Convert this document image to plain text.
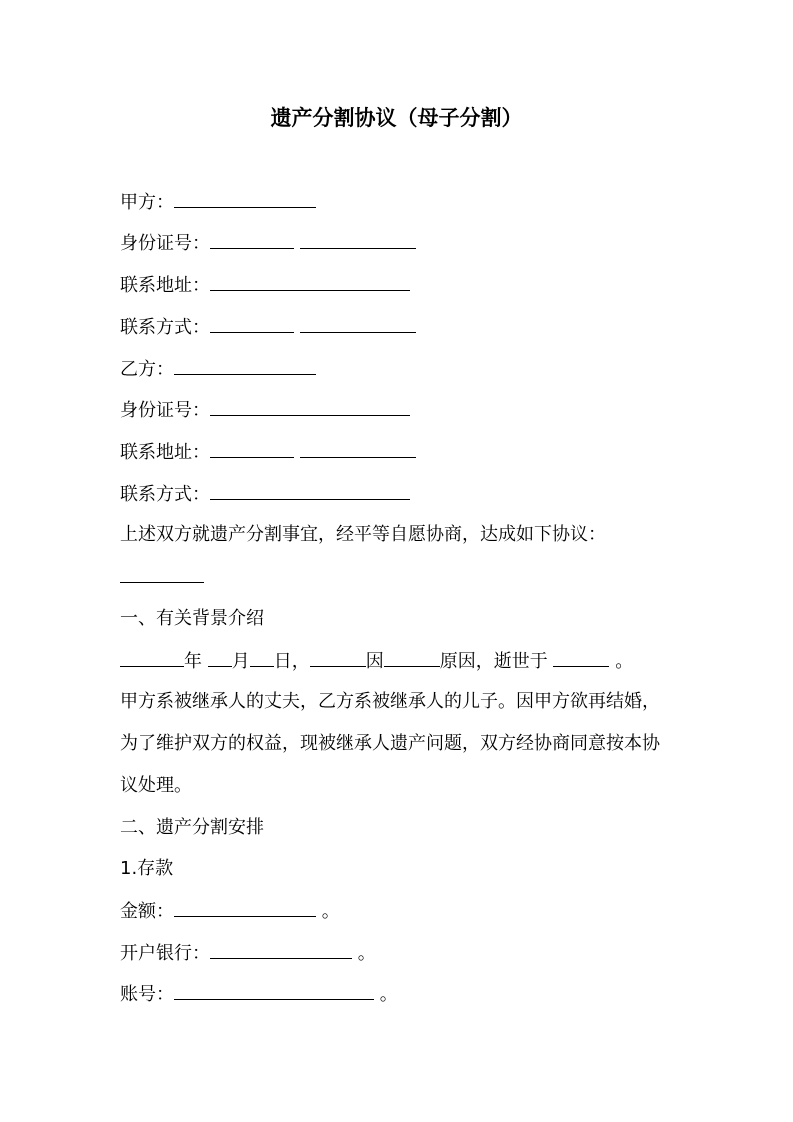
遗产分割协议（母子分割）
甲方：
身份证号：
联系地址：
联系方式：
乙方：
身份证号：
联系地址：
联系方式：
上述双方就遗产分割事宜，经平等自愿协商，达成如下协议：
一、有关背景介绍
年 月 日，	因	原因，逝世于	。
甲方系被继承人的丈夫，乙方系被继承人的儿子。因甲方欲再结婚，
为了维护双方的权益，现被继承人遗产问题，双方经协商同意按本协
议处理。
二、遗产分割安排
1.存款
金额：	。
开户银行：	。
账号：	。
